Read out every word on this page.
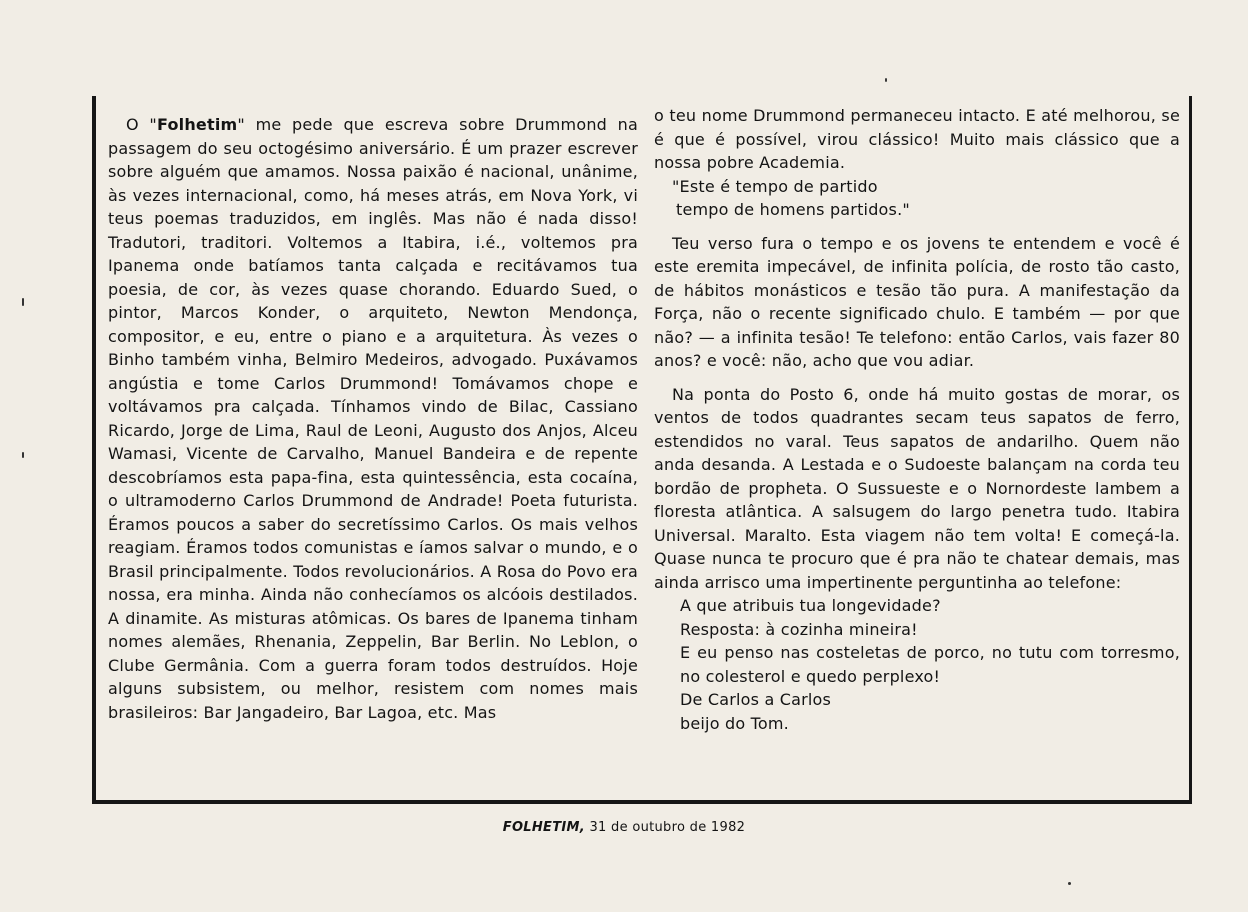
O "Folhetim" me pede que escreva sobre Drummond na passagem do seu octogésimo aniversário. É um prazer escrever sobre alguém que amamos. Nossa paixão é nacional, unânime, às vezes internacional, como, há meses atrás, em Nova York, vi teus poemas traduzidos, em inglês. Mas não é nada disso! Tradutori, traditori. Voltemos a Itabira, i.é., voltemos pra Ipanema onde batíamos tanta calçada e recitávamos tua poesia, de cor, às vezes quase chorando. Eduardo Sued, o pintor, Marcos Konder, o arquiteto, Newton Mendonça, compositor, e eu, entre o piano e a arquitetura. Às vezes o Binho também vinha, Belmiro Medeiros, advogado. Puxávamos angústia e tome Carlos Drummond! Tomávamos chope e voltávamos pra calçada. Tínhamos vindo de Bilac, Cassiano Ricardo, Jorge de Lima, Raul de Leoni, Augusto dos Anjos, Alceu Wamasi, Vicente de Carvalho, Manuel Bandeira e de repente descobríamos esta papa-fina, esta quintessência, esta cocaína, o ultramoderno Carlos Drummond de Andrade! Poeta futurista. Éramos poucos a saber do secretíssimo Carlos. Os mais velhos reagiam. Éramos todos comunistas e íamos salvar o mundo, e o Brasil principalmente. Todos revolucionários. A Rosa do Povo era nossa, era minha. Ainda não conhecíamos os alcóois destilados. A dinamite. As misturas atômicas. Os bares de Ipanema tinham nomes alemães, Rhenania, Zeppelin, Bar Berlin. No Leblon, o Clube Germânia. Com a guerra foram todos destruídos. Hoje alguns subsistem, ou melhor, resistem com nomes mais brasileiros: Bar Jangadeiro, Bar Lagoa, etc. Mas

o teu nome Drummond permaneceu intacto. E até melhorou, se é que é possível, virou clássico! Muito mais clássico que a nossa pobre Academia.

"Este é tempo de partido
tempo de homens partidos."

Teu verso fura o tempo e os jovens te entendem e você é este eremita impecável, de infinita polícia, de rosto tão casto, de hábitos monásticos e tesão tão pura. A manifestação da Força, não o recente significado chulo. E também — por que não? — a infinita tesão! Te telefono: então Carlos, vais fazer 80 anos? e você: não, acho que vou adiar.

Na ponta do Posto 6, onde há muito gostas de morar, os ventos de todos quadrantes secam teus sapatos de ferro, estendidos no varal. Teus sapatos de andarilho. Quem não anda desanda. A Lestada e o Sudoeste balançam na corda teu bordão de propheta. O Sussueste e o Nornordeste lambem a floresta atlântica. A salsugem do largo penetra tudo. Itabira Universal. Maralto. Esta viagem não tem volta! E começá-la. Quase nunca te procuro que é pra não te chatear demais, mas ainda arrisco uma impertinente perguntinha ao telefone:

A que atribuis tua longevidade?
Resposta: à cozinha mineira!
E eu penso nas costeletas de porco, no tutu com torresmo, no colesterol e quedo perplexo!
De Carlos a Carlos
beijo do Tom.
FOLHETIM, 31 de outubro de 1982
